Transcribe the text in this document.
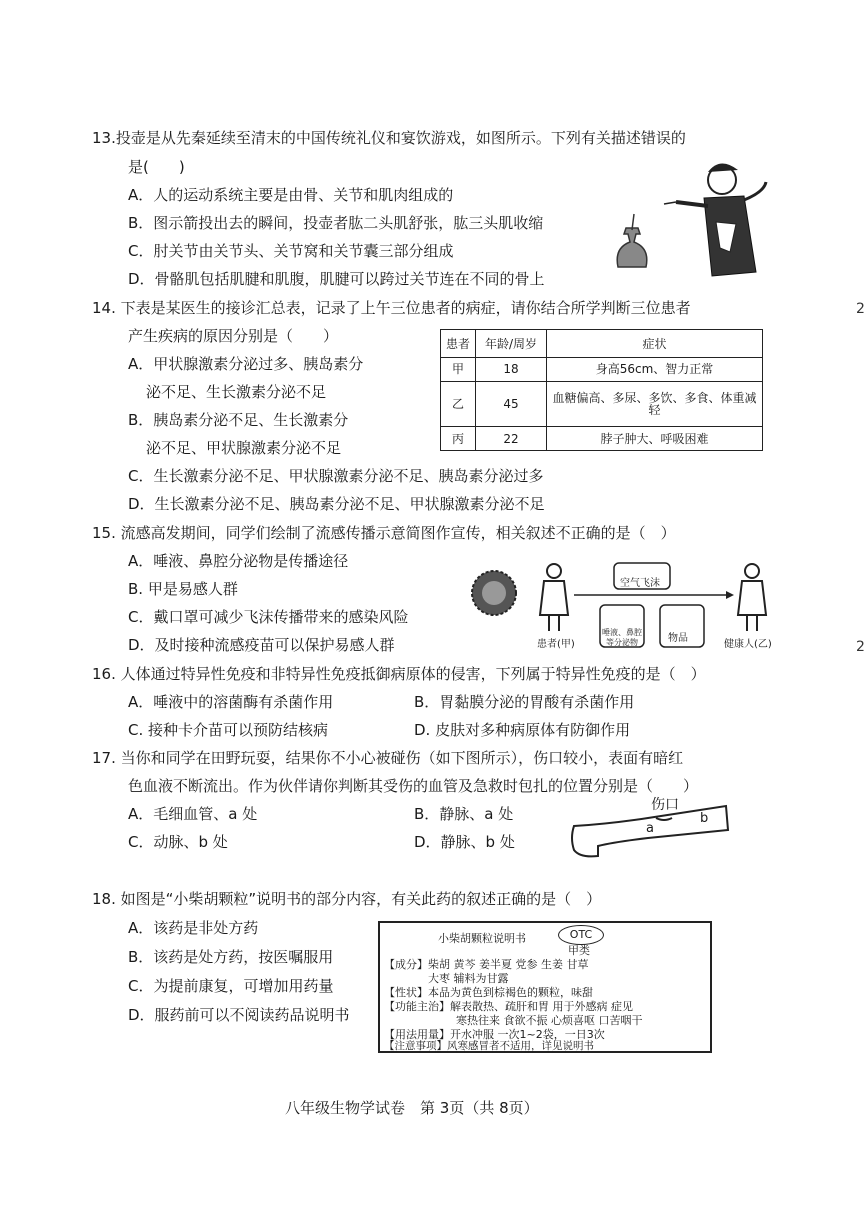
13.投壶是从先秦延续至清末的中国传统礼仪和宴饮游戏，如图所示。下列有关描述错误的
是(　　)
A．人的运动系统主要是由骨、关节和肌肉组成的
B．图示箭投出去的瞬间，投壶者肱二头肌舒张，肱三头肌收缩
C．肘关节由关节头、关节窝和关节囊三部分组成
D．骨骼肌包括肌腱和肌腹，肌腱可以跨过关节连在不同的骨上
14. 下表是某医生的接诊汇总表，记录了上午三位患者的病症，请你结合所学判断三位患者
产生疾病的原因分别是（　　）
A．甲状腺激素分泌过多、胰岛素分
泌不足、生长激素分泌不足
B．胰岛素分泌不足、生长激素分
泌不足、甲状腺激素分泌不足
C．生长激素分泌不足、甲状腺激素分泌不足、胰岛素分泌过多
D．生长激素分泌不足、胰岛素分泌不足、甲状腺激素分泌不足
患者	年龄/周岁	症状
甲	18	身高56cm、智力正常
乙	45	血糖偏高、多尿、多饮、多食、体重减轻
丙	22	脖子肿大、呼吸困难
15. 流感高发期间，同学们绘制了流感传播示意简图作宣传，相关叙述不正确的是（　）
A．唾液、鼻腔分泌物是传播途径
B. 甲是易感人群
C．戴口罩可减少飞沫传播带来的感染风险
D．及时接种流感疫苗可以保护易感人群
空气飞沫
唾液、鼻腔等分泌物	物品
患者(甲)	健康人(乙)
16. 人体通过特异性免疫和非特异性免疫抵御病原体的侵害，下列属于特异性免疫的是（　）
A．唾液中的溶菌酶有杀菌作用	B．胃黏膜分泌的胃酸有杀菌作用
C. 接种卡介苗可以预防结核病	D. 皮肤对多种病原体有防御作用
17. 当你和同学在田野玩耍，结果你不小心被碰伤（如下图所示），伤口较小，表面有暗红
色血液不断流出。作为伙伴请你判断其受伤的血管及急救时包扎的位置分别是（　　）
A．毛细血管、a 处	B．静脉、a 处
C．动脉、b 处	D．静脉、b 处
伤口
a
b
18. 如图是“小柴胡颗粒”说明书的部分内容，有关此药的叙述正确的是（　）
A．该药是非处方药
B．该药是处方药，按医嘱服用
C．为提前康复，可增加用药量
D．服药前可以不阅读药品说明书
小柴胡颗粒说明书	OTC
甲类
【成分】柴胡 黄芩 姜半夏 党参 生姜 甘草
大枣 辅料为甘露
【性状】本品为黄色到棕褐色的颗粒，味甜
【功能主治】解表散热、疏肝和胃 用于外感病 症见
寒热往来 食欲不振 心烦喜呕 口苦咽干
【用法用量】开水冲服 一次1~2袋，一日3次
【注意事项】风寒感冒者不适用，详见说明书
八年级生物学试卷　第 3页（共 8页）
2
2
